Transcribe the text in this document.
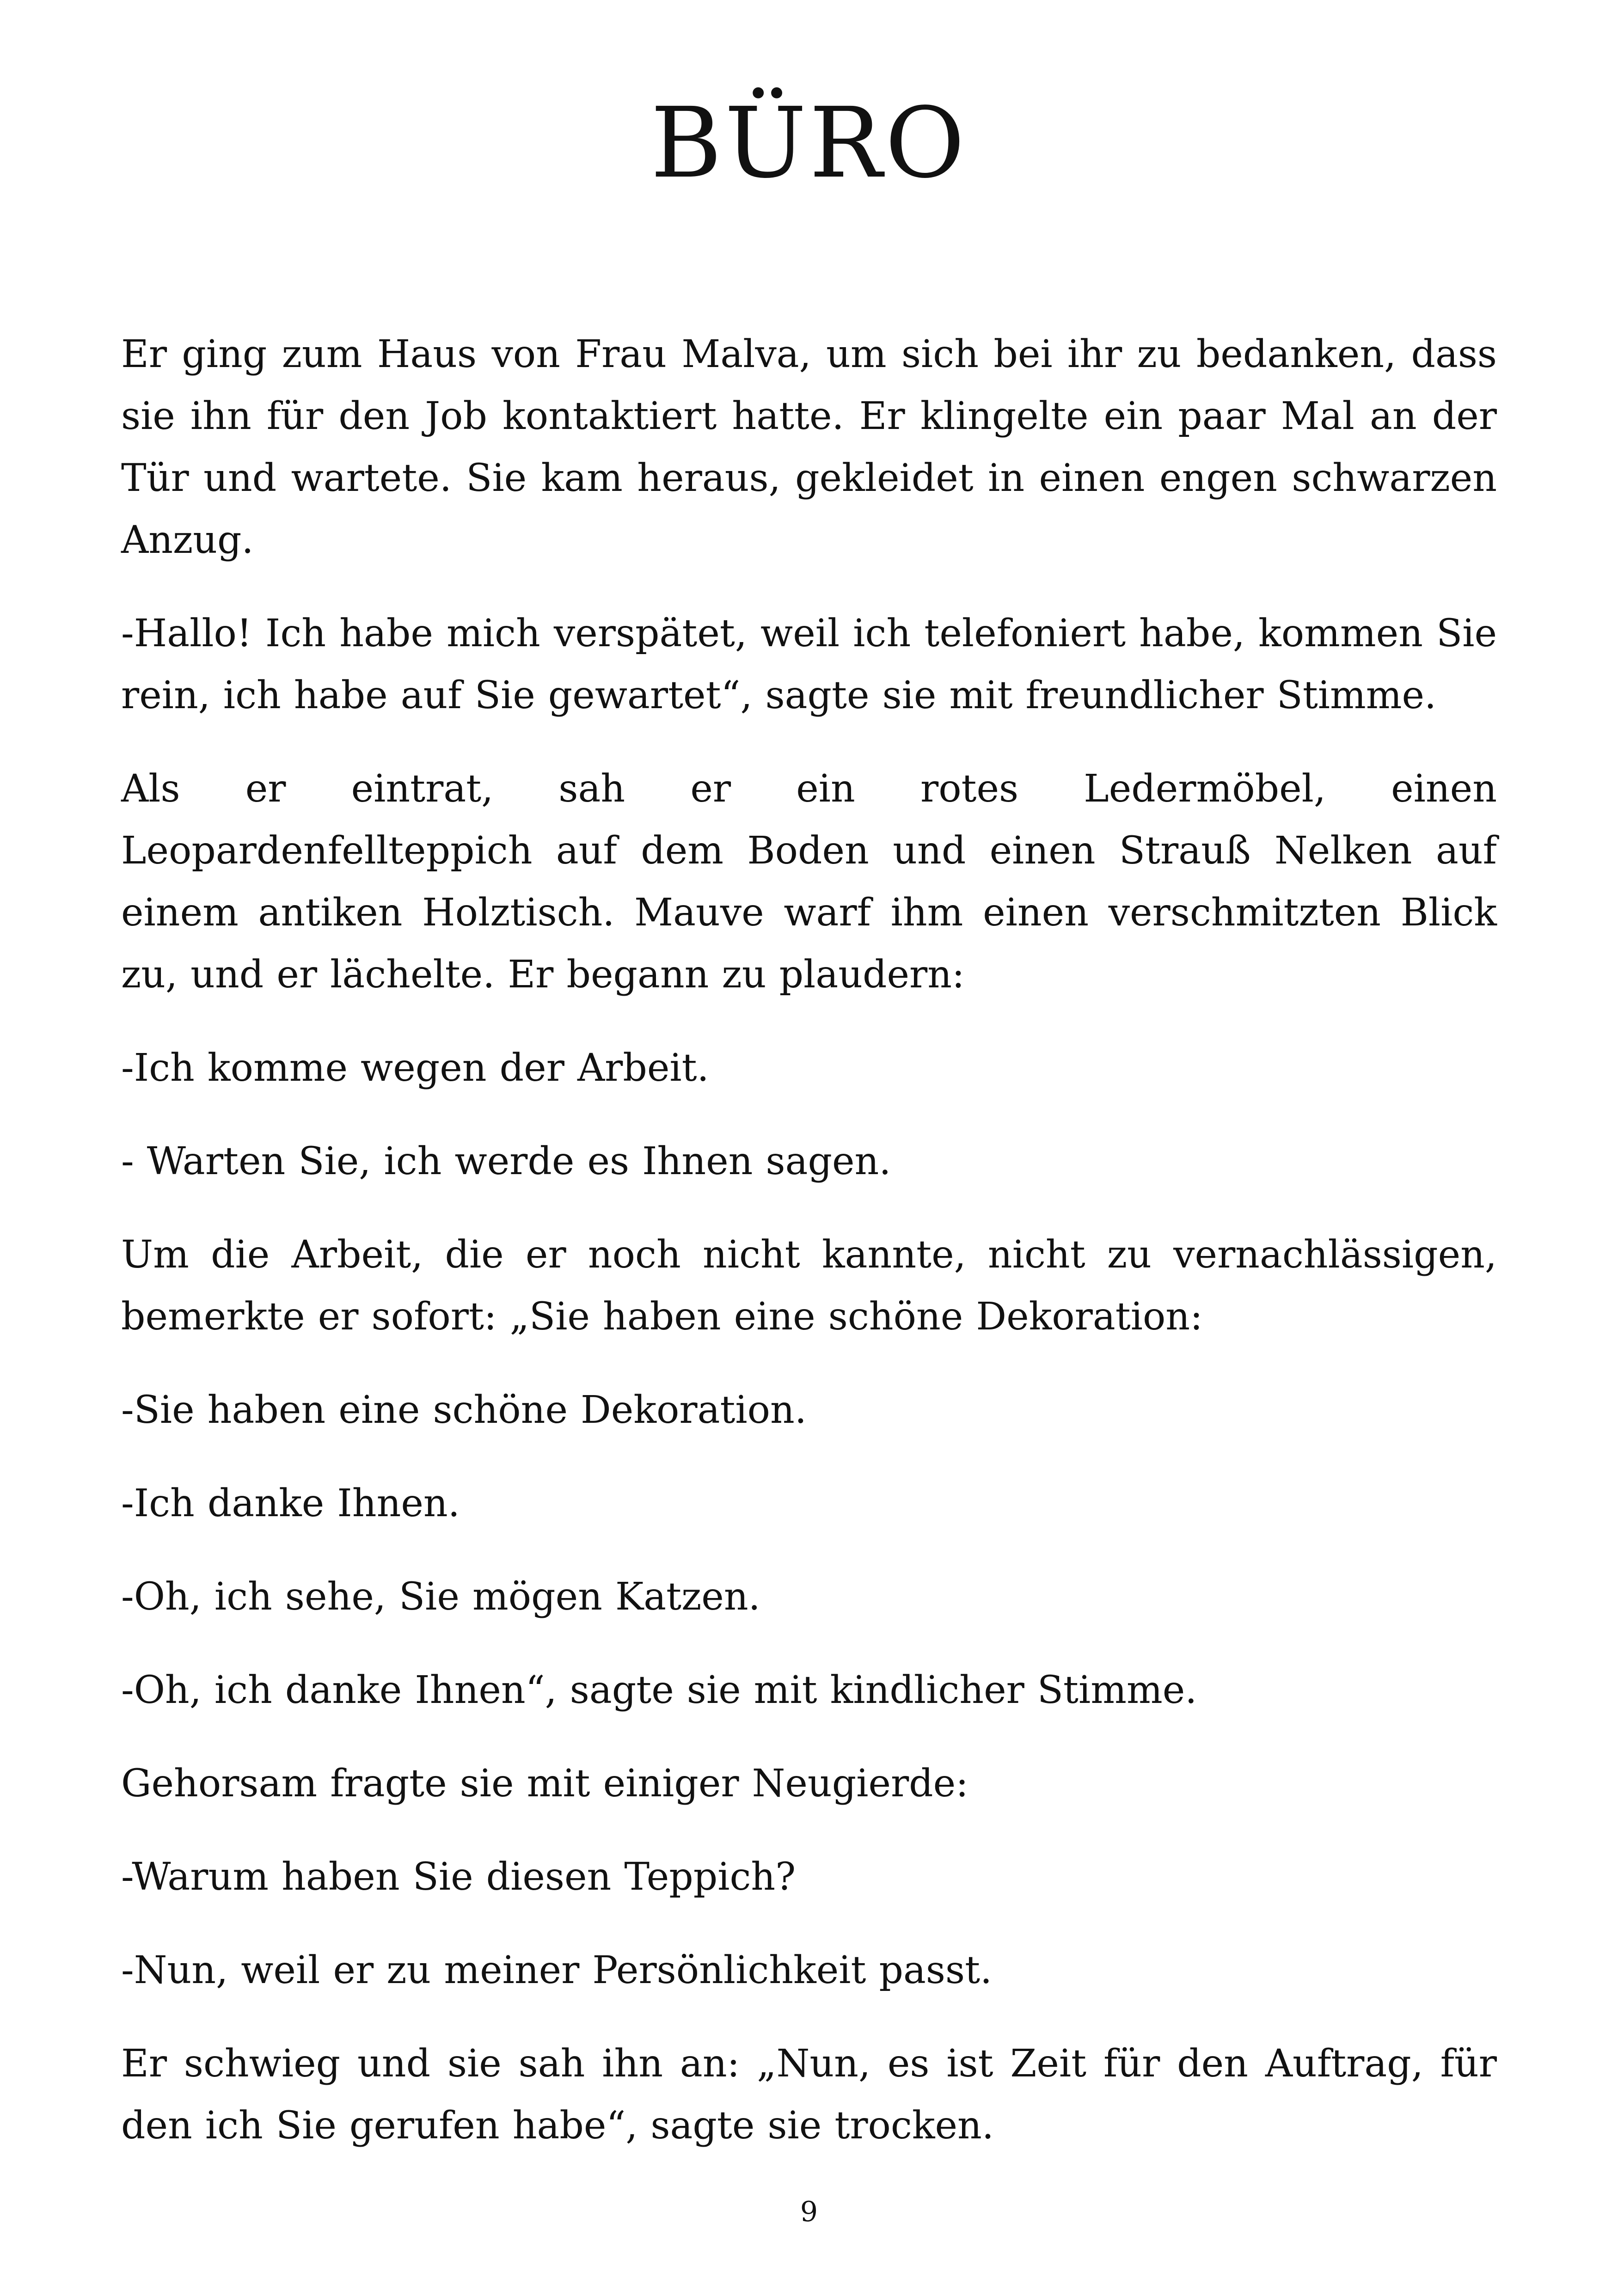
BÜRO

Er ging zum Haus von Frau Malva, um sich bei ihr zu bedanken, dass sie ihn für den Job kontaktiert hatte. Er klingelte ein paar Mal an der Tür und wartete. Sie kam heraus, gekleidet in einen engen schwarzen Anzug.

-Hallo! Ich habe mich verspätet, weil ich telefoniert habe, kommen Sie rein, ich habe auf Sie gewartet“, sagte sie mit freundlicher Stimme.

Als er eintrat, sah er ein rotes Ledermöbel, einen Leopardenfellteppich auf dem Boden und einen Strauß Nelken auf einem antiken Holztisch. Mauve warf ihm einen verschmitzten Blick zu, und er lächelte. Er begann zu plaudern:

-Ich komme wegen der Arbeit.

- Warten Sie, ich werde es Ihnen sagen.

Um die Arbeit, die er noch nicht kannte, nicht zu vernachlässigen, bemerkte er sofort: „Sie haben eine schöne Dekoration:

-Sie haben eine schöne Dekoration.

-Ich danke Ihnen.

-Oh, ich sehe, Sie mögen Katzen.

-Oh, ich danke Ihnen“, sagte sie mit kindlicher Stimme.

Gehorsam fragte sie mit einiger Neugierde:

-Warum haben Sie diesen Teppich?

-Nun, weil er zu meiner Persönlichkeit passt.

Er schwieg und sie sah ihn an: „Nun, es ist Zeit für den Auftrag, für den ich Sie gerufen habe“, sagte sie trocken.

9
